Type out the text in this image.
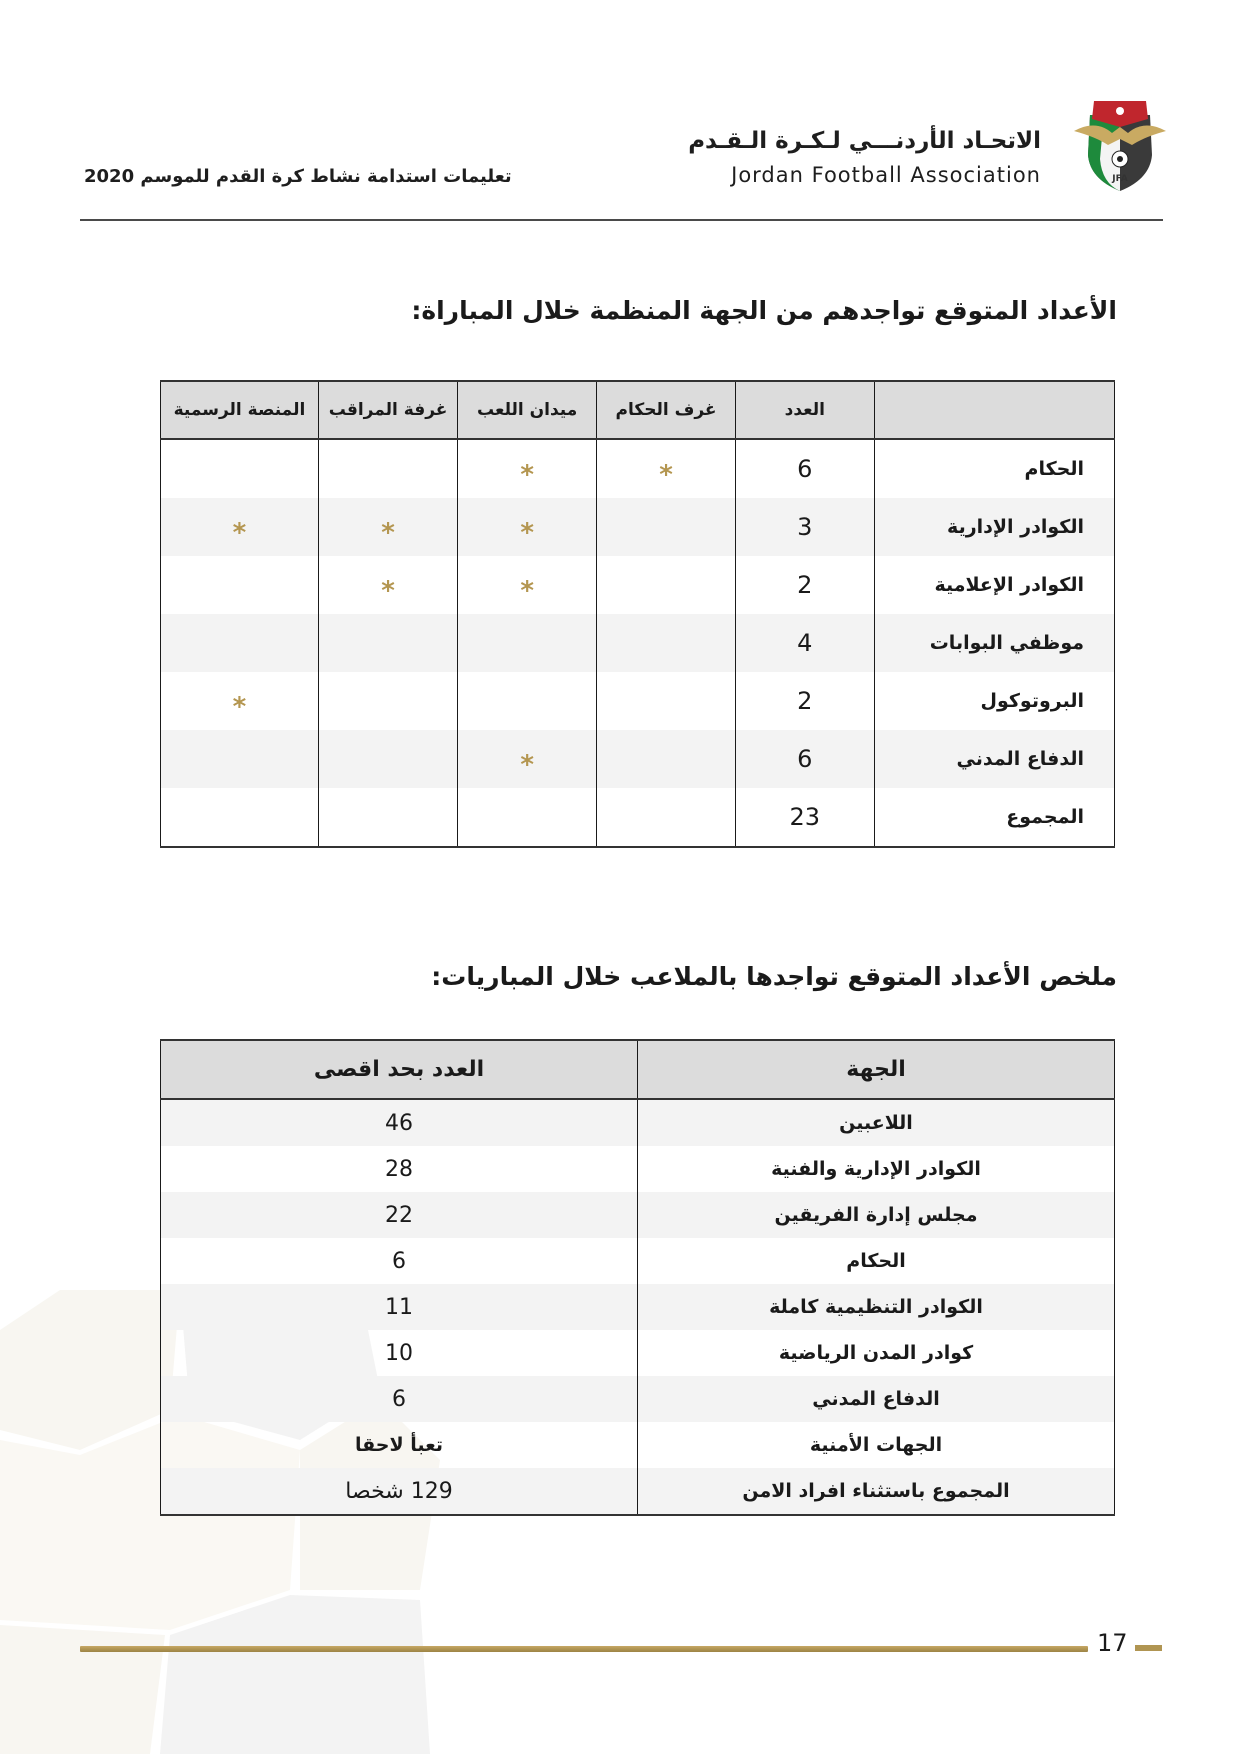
JFA
الاتحـاد الأردنـــي لـكـرة الـقـدم
Jordan Football Association
تعليمات استدامة نشاط كرة القدم للموسم 2020
الأعداد المتوقع تواجدهم من الجهة المنظمة خلال المباراة:
	العدد	غرف الحكام	ميدان اللعب	غرفة المراقب	المنصة الرسمية
الحكام	6	*	*		
الكوادر الإدارية	3		*	*	*
الكوادر الإعلامية	2		*	*	
موظفي البوابات	4				
البروتوكول	2				*
الدفاع المدني	6		*		
المجموع	23				
ملخص الأعداد المتوقع تواجدها بالملاعب خلال المباريات:
الجهة	العدد بحد اقصى
اللاعبين	46
الكوادر الإدارية والفنية	28
مجلس إدارة الفريقين	22
الحكام	6
الكوادر التنظيمية كاملة	11
كوادر المدن الرياضية	10
الدفاع المدني	6
الجهات الأمنية	تعبأ لاحقا
المجموع باستثناء افراد الامن	129 شخصا
17
